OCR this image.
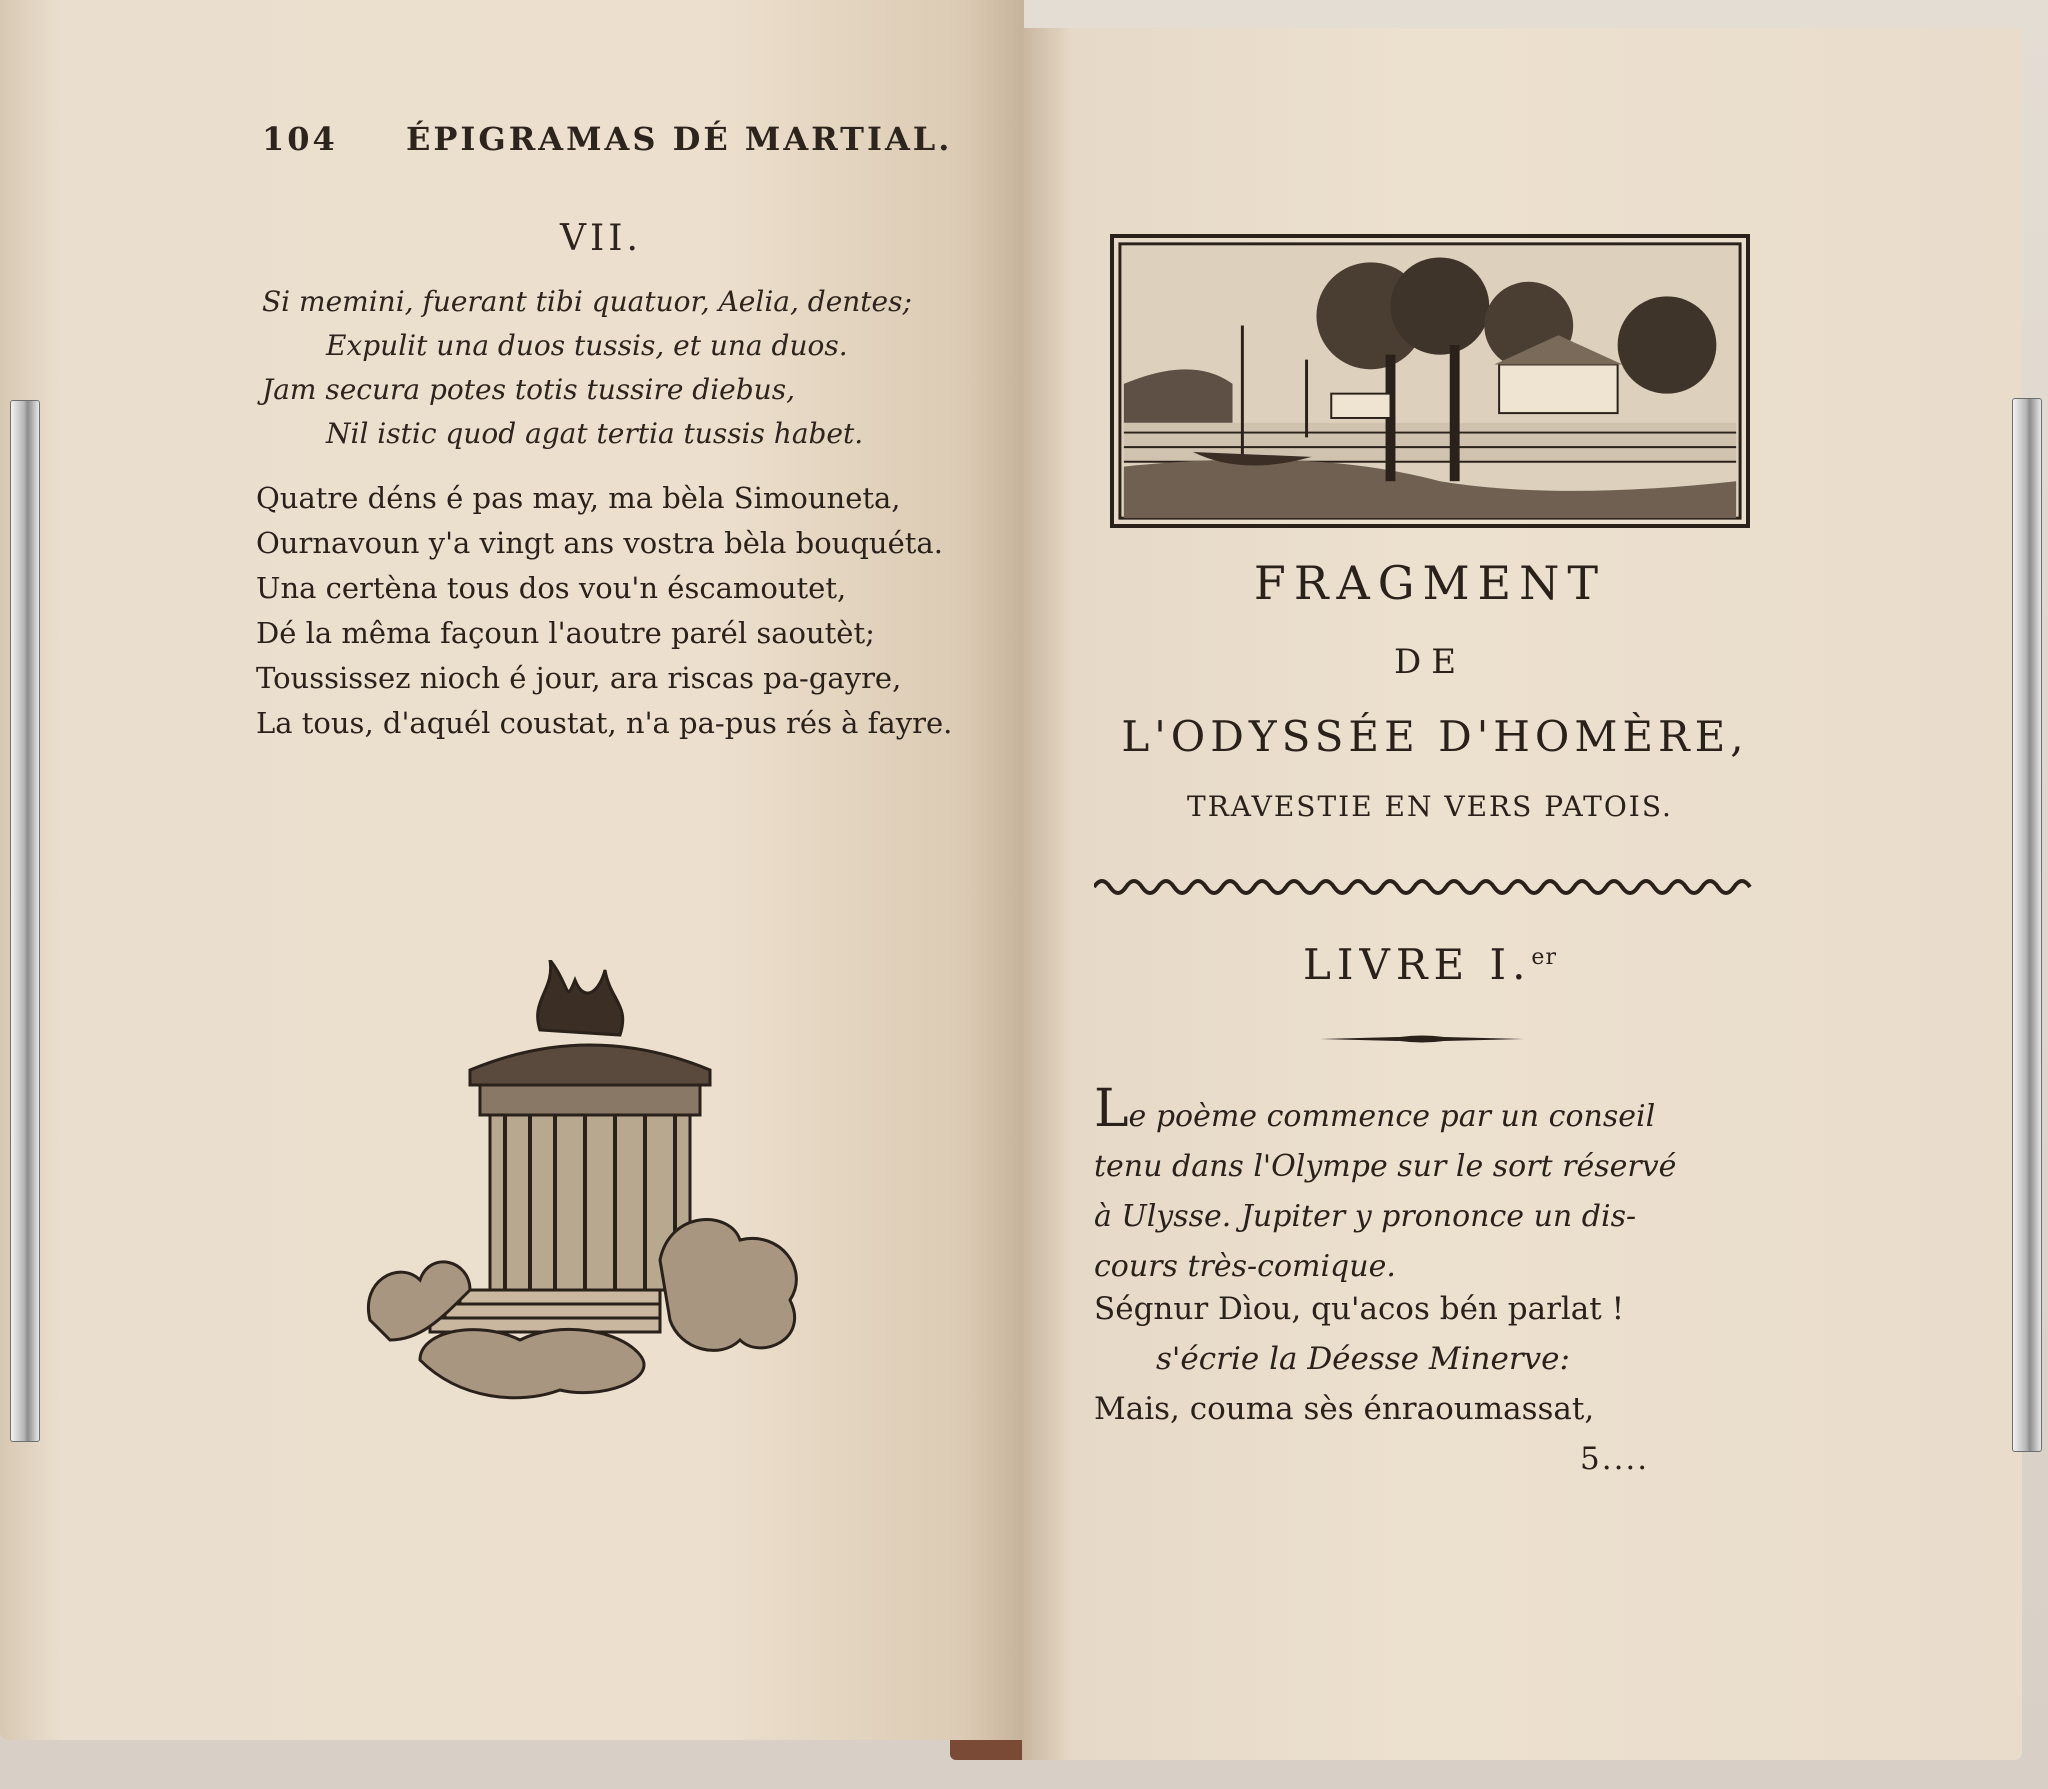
104 ÉPIGRAMAS DÉ MARTIAL.
VII.
Si memini, fuerant tibi quatuor, Aelia, dentes;
Expulit una duos tussis, et una duos.
Jam secura potes totis tussire diebus,
Nil istic quod agat tertia tussis habet.
Quatre déns é pas may, ma bèla Simouneta,
Ournavoun y'a vingt ans vostra bèla bouquéta.
Una certèna tous dos vou'n éscamoutet,
Dé la mêma façoun l'aoutre parél saoutèt;
Toussissez nioch é jour, ara riscas pa-gayre,
La tous, d'aquél coustat, n'a pa-pus rés à fayre.
FRAGMENT
DE
L'ODYSSÉE D'HOMÈRE,
TRAVESTIE EN VERS PATOIS.
LIVRE I.$^{er}$
Le poème commence par un conseil
tenu dans l'Olympe sur le sort réservé
à Ulysse. Jupiter y prononce un dis-
cours très-comique.
Ségnur Dìou, qu'acos bén parlat !
s'écrie la Déesse Minerve:
Mais, couma sès énraoumassat,
5....
